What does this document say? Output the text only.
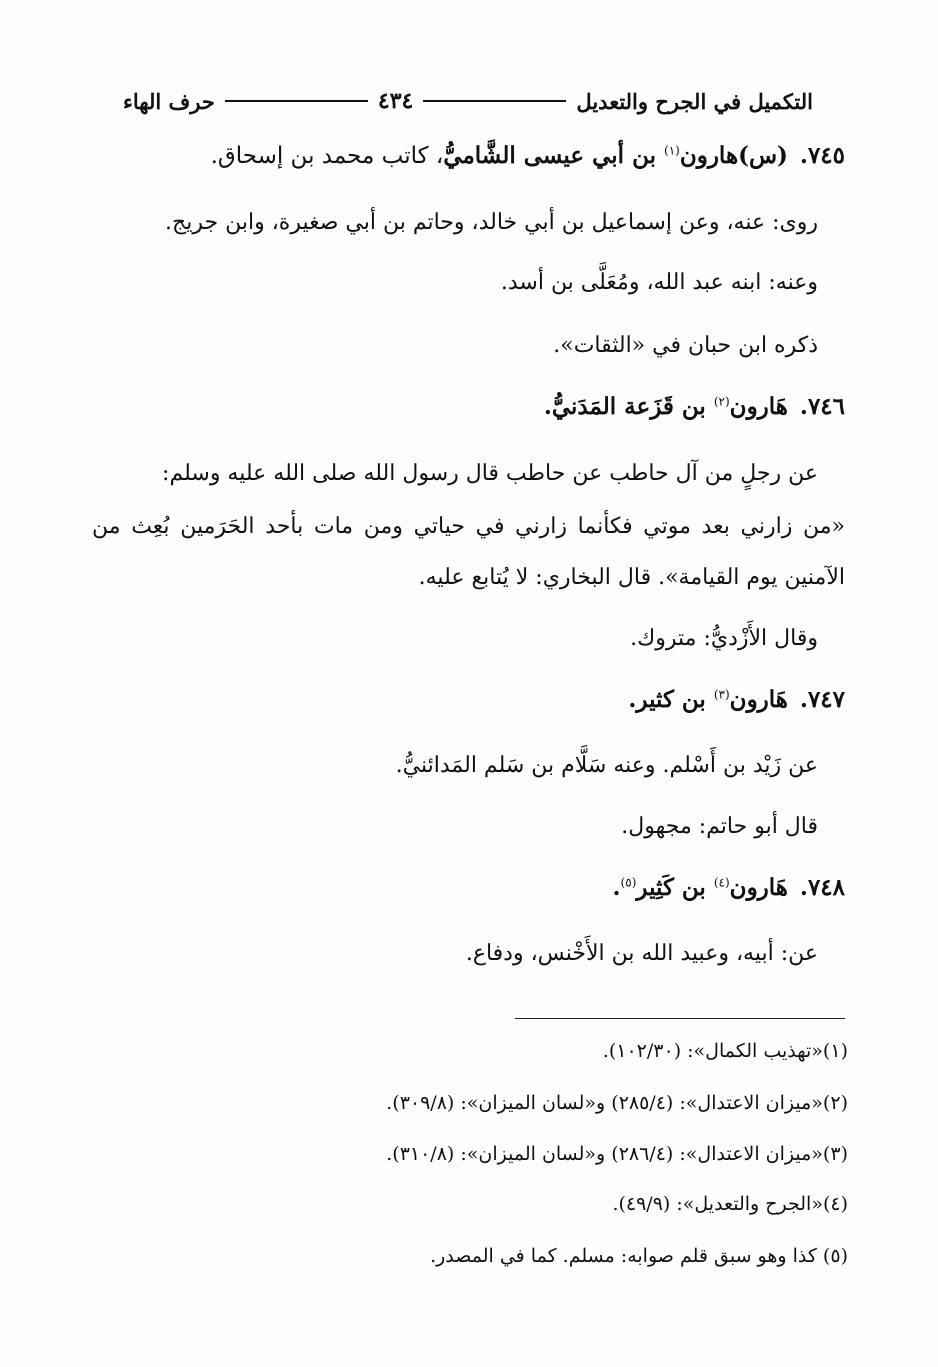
التكميل في الجرح والتعديل
٤٣٤
حرف الهاء
٧٤٥.(س)هارون$^{(١)}$ بن أبي عيسى الشَّاميُّ، كاتب محمد بن إسحاق.
روى: عنه، وعن إسماعيل بن أبي خالد، وحاتم بن أبي صغيرة، وابن جريج.
وعنه: ابنه عبد الله، ومُعَلَّى بن أسد.
ذكره ابن حبان في «الثقات».
٧٤٦.هَارون$^{(٢)}$ بن قَزَعة المَدَنيُّ.
عن رجلٍ من آل حاطب عن حاطب قال رسول الله صلى الله عليه وسلم:
«من زارني بعد موتي فكأنما زارني في حياتي ومن مات بأحد الحَرَمين بُعِث من
الآمنين يوم القيامة». قال البخاري: لا يُتابع عليه.
وقال الأَزْديُّ: متروك.
٧٤٧.هَارون$^{(٣)}$ بن كثير.
عن زَيْد بن أَسْلم. وعنه سَلَّام بن سَلم المَدائنيُّ.
قال أبو حاتم: مجهول.
٧٤٨.هَارون$^{(٤)}$ بن كَثِير$^{(٥)}$.
عن: أبيه، وعبيد الله بن الأَخْنس، ودفاع.
(١)«تهذيب الكمال»: (١٠٢/٣٠).
(٢)«ميزان الاعتدال»: (٢٨٥/٤) و«لسان الميزان»: (٣٠٩/٨).
(٣)«ميزان الاعتدال»: (٢٨٦/٤) و«لسان الميزان»: (٣١٠/٨).
(٤)«الجرح والتعديل»: (٤٩/٩).
(٥) كذا وهو سبق قلم صوابه: مسلم. كما في المصدر.
